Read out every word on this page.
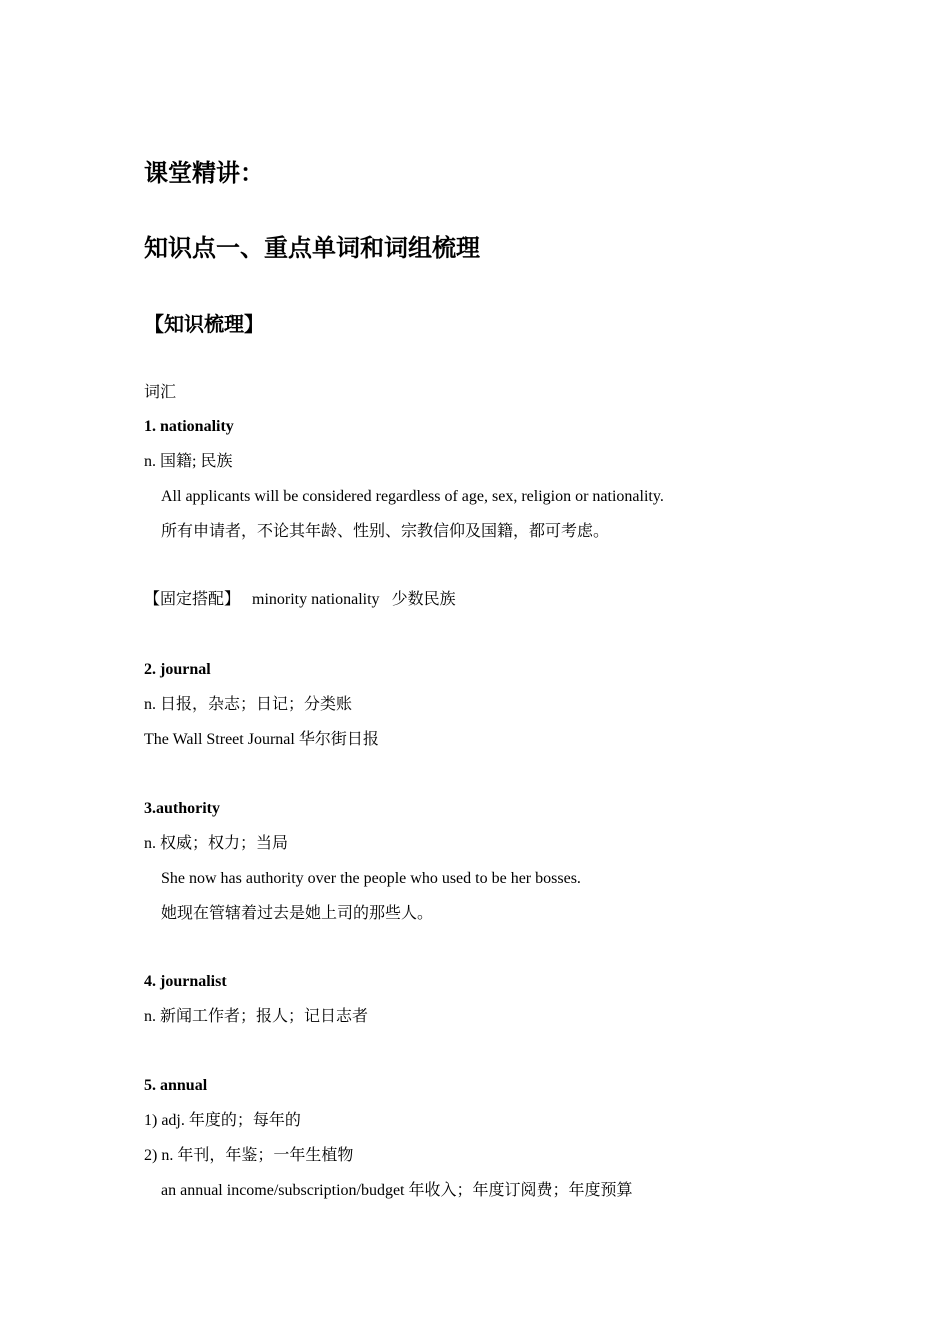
课堂精讲：
知识点一、重点单词和词组梳理
【知识梳理】
词汇
1. nationality
n. 国籍; 民族
All applicants will be considered regardless of age, sex, religion or nationality.
所有申请者，不论其年龄、性别、宗教信仰及国籍，都可考虑。
【固定搭配】 minority nationality 少数民族
2. journal
n. 日报，杂志；日记；分类账
The Wall Street Journal 华尔街日报
3.authority
n. 权威；权力；当局
She now has authority over the people who used to be her bosses.
她现在管辖着过去是她上司的那些人。
4. journalist
n. 新闻工作者；报人；记日志者
5. annual
1) adj. 年度的；每年的
2) n. 年刊，年鉴；一年生植物
an annual income/subscription/budget 年收入；年度订阅费；年度预算
